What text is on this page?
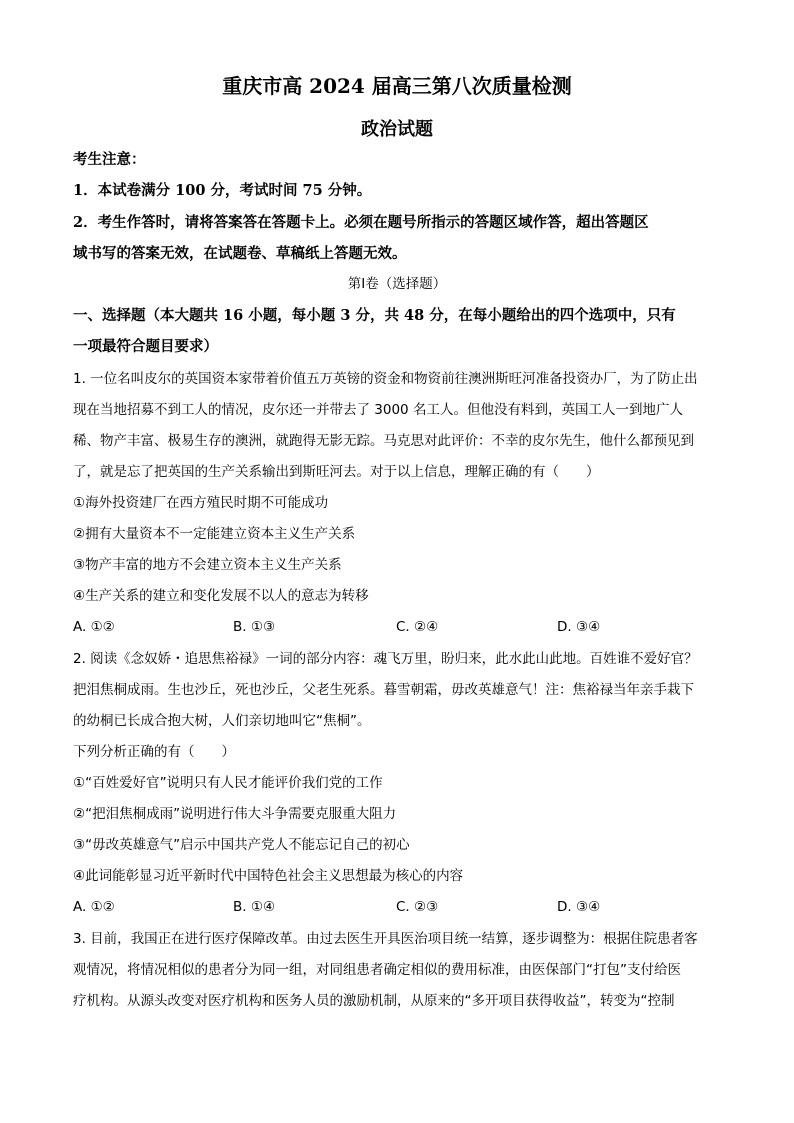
重庆市高 2024 届高三第八次质量检测
政治试题
考生注意：
1．本试卷满分 100 分，考试时间 75 分钟。
2．考生作答时，请将答案答在答题卡上。必须在题号所指示的答题区域作答，超出答题区
域书写的答案无效，在试题卷、草稿纸上答题无效。
第Ⅰ卷（选择题）
一、选择题（本大题共 16 小题，每小题 3 分，共 48 分，在每小题给出的四个选项中，只有
一项最符合题目要求）
1. 一位名叫皮尔的英国资本家带着价值五万英镑的资金和物资前往澳洲斯旺河准备投资办厂，为了防止出
现在当地招募不到工人的情况，皮尔还一并带去了 3000 名工人。但他没有料到，英国工人一到地广人
稀、物产丰富、极易生存的澳洲，就跑得无影无踪。马克思对此评价：不幸的皮尔先生，他什么都预见到
了，就是忘了把英国的生产关系输出到斯旺河去。对于以上信息，理解正确的有（　　）
①海外投资建厂在西方殖民时期不可能成功
②拥有大量资本不一定能建立资本主义生产关系
③物产丰富的地方不会建立资本主义生产关系
④生产关系的建立和变化发展不以人的意志为转移
A. ①②	B. ①③	C. ②④	D. ③④
2. 阅读《念奴娇・追思焦裕禄》一词的部分内容：魂飞万里，盼归来，此水此山此地。百姓谁不爱好官？
把泪焦桐成雨。生也沙丘，死也沙丘，父老生死系。暮雪朝霜，毋改英雄意气！注：焦裕禄当年亲手栽下
的幼桐已长成合抱大树，人们亲切地叫它“焦桐”。
下列分析正确的有（　　）
①“百姓爱好官”说明只有人民才能评价我们党的工作
②“把泪焦桐成雨”说明进行伟大斗争需要克服重大阻力
③“毋改英雄意气”启示中国共产党人不能忘记自己的初心
④此词能彰显习近平新时代中国特色社会主义思想最为核心的内容
A. ①②	B. ①④	C. ②③	D. ③④
3. 目前，我国正在进行医疗保障改革。由过去医生开具医治项目统一结算，逐步调整为：根据住院患者客
观情况，将情况相似的患者分为同一组，对同组患者确定相似的费用标准，由医保部门“打包”支付给医
疗机构。从源头改变对医疗机构和医务人员的激励机制，从原来的“多开项目获得收益”，转变为“控制
